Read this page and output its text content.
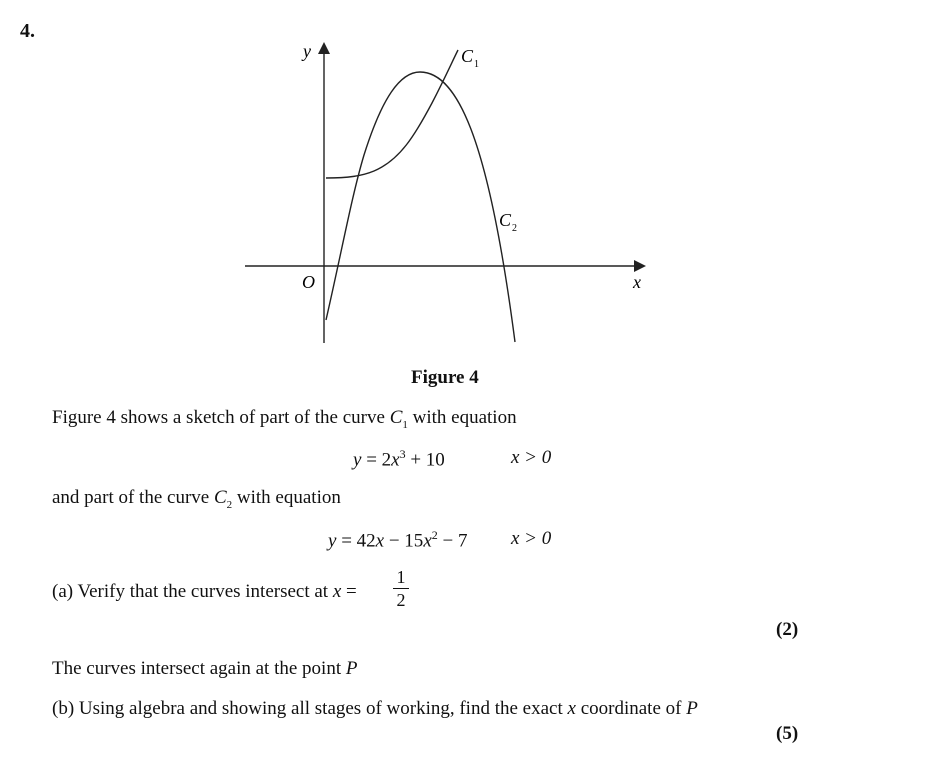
4.
y
x
O
C 1
C 2
Figure 4
Figure 4 shows a sketch of part of the curve $C_1$ with equation
$y = 2x^3 + 10$	x > 0
and part of the curve $C_2$ with equation
$y = 42x - 15x^2 - 7$ x > 0
(a) Verify that the curves intersect at x =
1
2
(2)
The curves intersect again at the point P
(b) Using algebra and showing all stages of working, find the exact x coordinate of P
(5)
